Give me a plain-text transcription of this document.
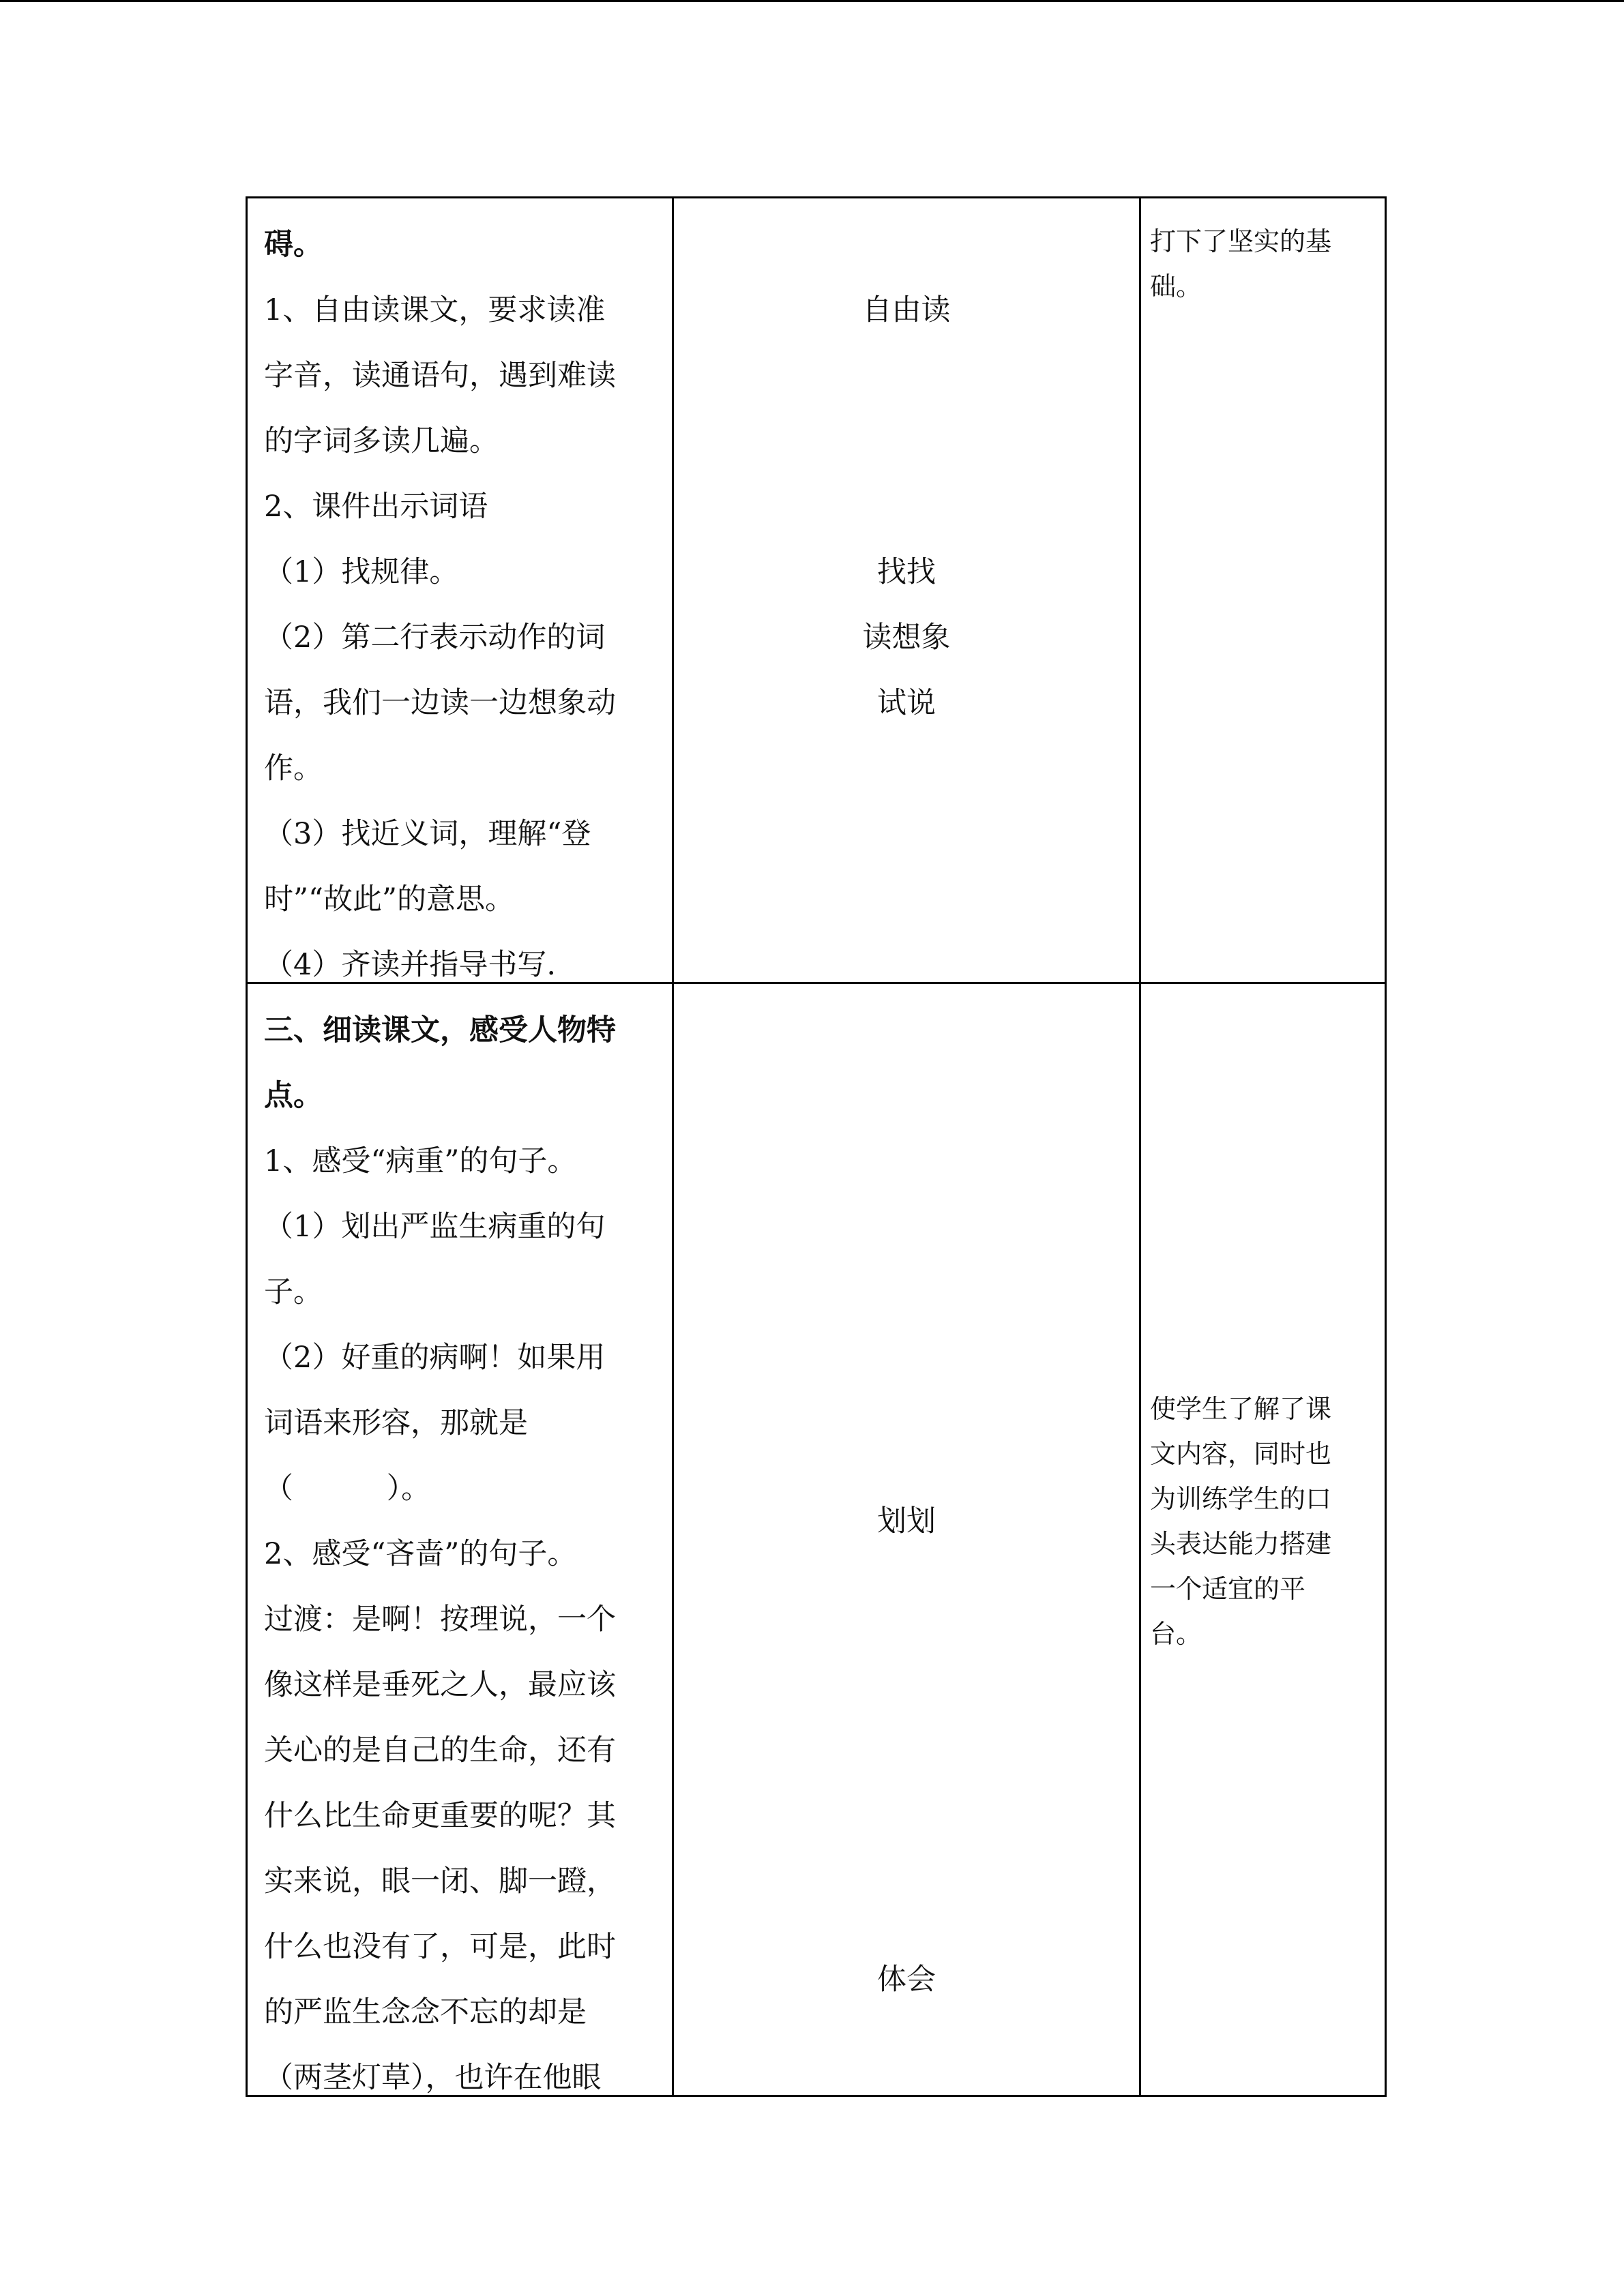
碍。

1、自由读课文，要求读准

字音，读通语句，遇到难读

的字词多读几遍。

2、课件出示词语

（1）找规律。

（2）第二行表示动作的词

语，我们一边读一边想象动

作。

（3）找近义词，理解“登

时”“故此”的意思。

（4）齐读并指导书写.

自由读
找找
读想象
试说

打下了坚实的基

础。

三、细读课文，感受人物特

点。

1、感受“病重”的句子。

（1）划出严监生病重的句

子。

（2）好重的病啊！如果用

词语来形容，那就是

（          ）。

2、感受“吝啬”的句子。

过渡：是啊！按理说，一个

像这样是垂死之人，最应该

关心的是自己的生命，还有

什么比生命更重要的呢？其

实来说，眼一闭、脚一蹬，

什么也没有了，可是，此时

的严监生念念不忘的却是

（两茎灯草），也许在他眼

划划
体会

使学生了解了课

文内容，同时也

为训练学生的口

头表达能力搭建

一个适宜的平

台。
